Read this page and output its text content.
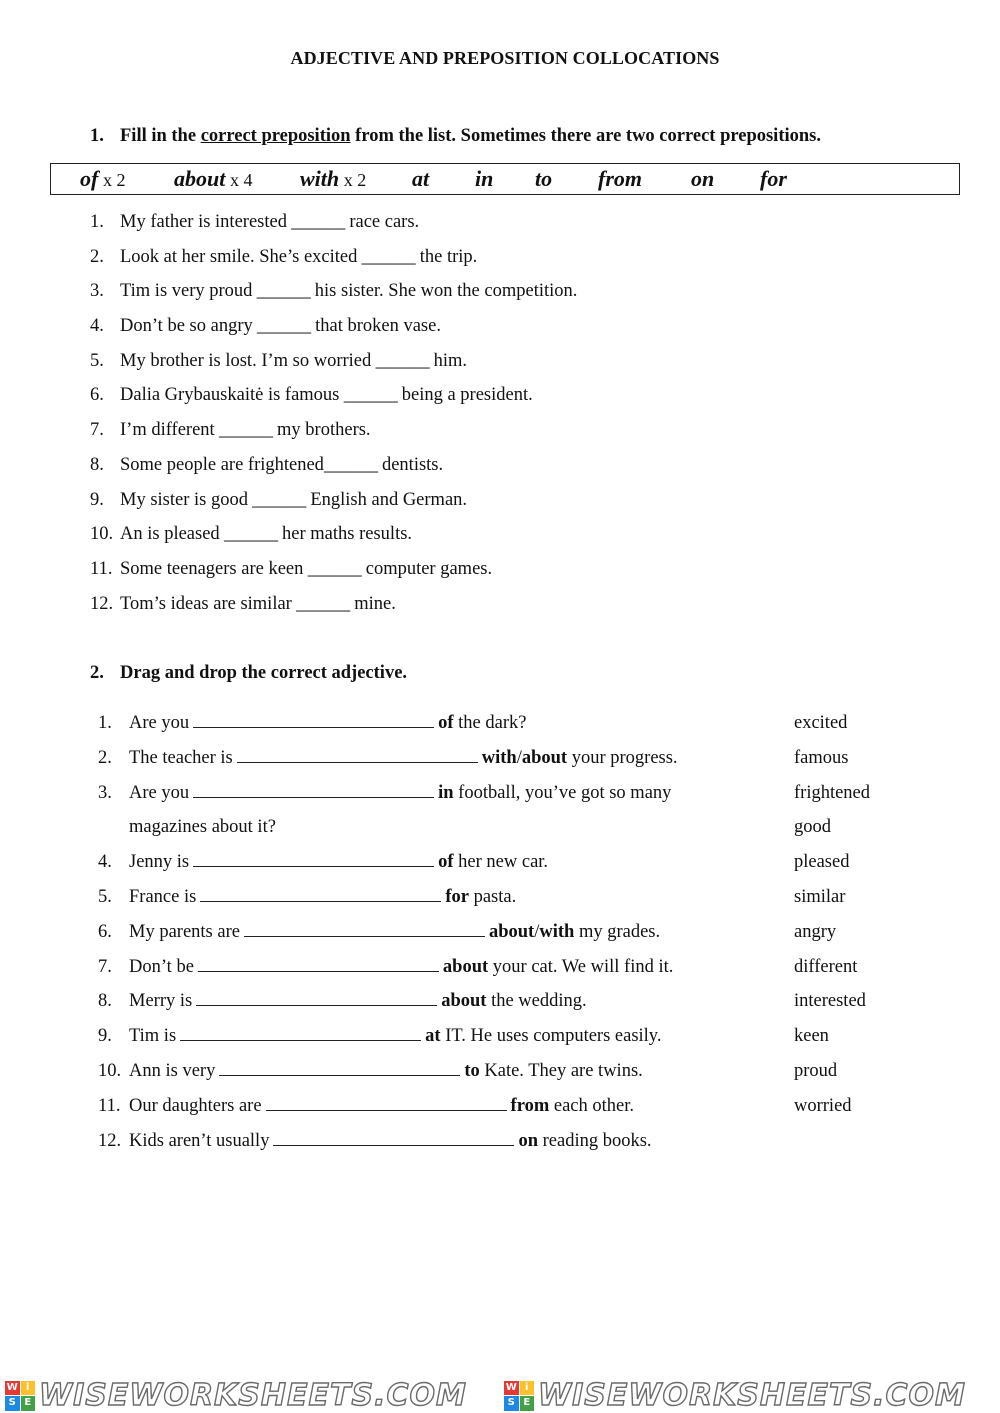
ADJECTIVE AND PREPOSITION COLLOCATIONS
1. Fill in the correct preposition from the list. Sometimes there are two correct prepositions.
of x 2 about x 4 with x 2 at in to from on for
1. My father is interested ______ race cars.
2. Look at her smile. She’s excited ______ the trip.
3. Tim is very proud ______ his sister. She won the competition.
4. Don’t be so angry ______ that broken vase.
5. My brother is lost. I’m so worried ______ him.
6. Dalia Grybauskaitė is famous ______ being a president.
7. I’m different ______ my brothers.
8. Some people are frightened______ dentists.
9. My sister is good ______ English and German.
10. An is pleased ______ her maths results.
11. Some teenagers are keen ______ computer games.
12. Tom’s ideas are similar ______ mine.
2. Drag and drop the correct adjective.
1. Are you	of the dark?
2. The teacher is	with/about your progress.
3. Are you	in football, you’ve got so many
magazines about it?
4. Jenny is	of her new car.
5. France is	for pasta.
6. My parents are	about/with my grades.
7. Don’t be	about your cat. We will find it.
8. Merry is	about the wedding.
9. Tim is	at IT. He uses computers easily.
10. Ann is very	to Kate. They are twins.
11. Our daughters are	from each other.
12. Kids aren’t usually	on reading books.
excited
famous
frightened
good
pleased
similar
angry
different
interested
keen
proud
worried
W i
S E WISEWORKSHEETS.COM	W i
S E WISEWORKSHEETS.COM
